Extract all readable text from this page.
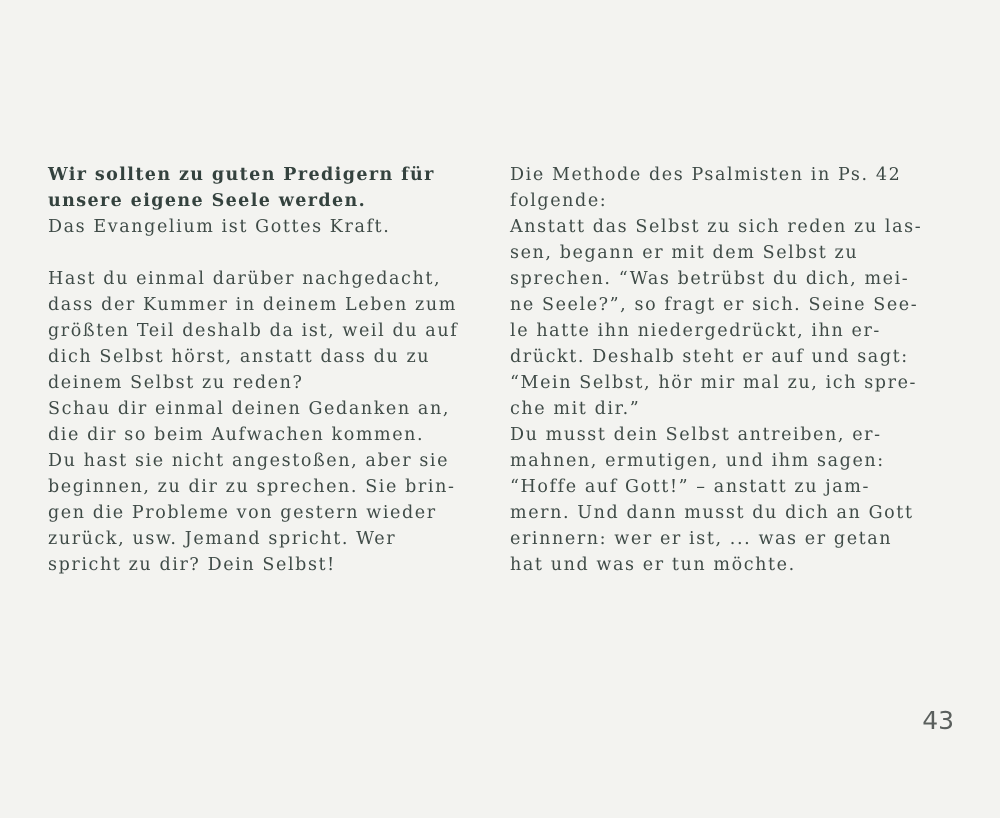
Wir sollten zu guten Predigern für
unsere eigene Seele werden.
Das Evangelium ist Gottes Kraft.
Hast du einmal darüber nachgedacht,
dass der Kummer in deinem Leben zum
größten Teil deshalb da ist, weil du auf
dich Selbst hörst, anstatt dass du zu
deinem Selbst zu reden?
Schau dir einmal deinen Gedanken an,
die dir so beim Aufwachen kommen.
Du hast sie nicht angestoßen, aber sie
beginnen, zu dir zu sprechen. Sie brin-
gen die Probleme von gestern wieder
zurück, usw. Jemand spricht. Wer
spricht zu dir? Dein Selbst!
Die Methode des Psalmisten in Ps. 42
folgende:
Anstatt das Selbst zu sich reden zu las-
sen, begann er mit dem Selbst zu
sprechen. “Was betrübst du dich, mei-
ne Seele?”, so fragt er sich. Seine See-
le hatte ihn niedergedrückt, ihn er-
drückt. Deshalb steht er auf und sagt:
“Mein Selbst, hör mir mal zu, ich spre-
che mit dir.”
Du musst dein Selbst antreiben, er-
mahnen, ermutigen, und ihm sagen:
“Hoffe auf Gott!” – anstatt zu jam-
mern. Und dann musst du dich an Gott
erinnern: wer er ist, ... was er getan
hat und was er tun möchte.
43
